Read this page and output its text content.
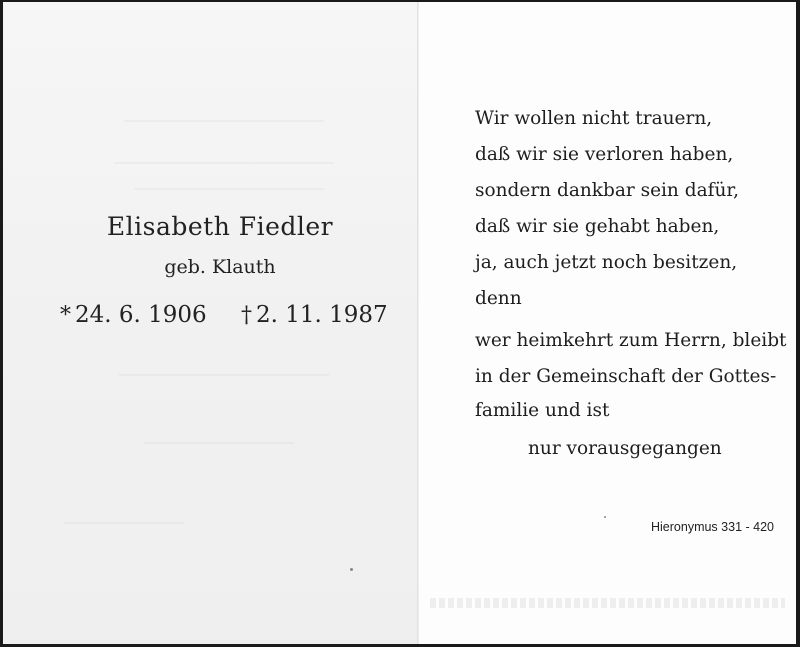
Elisabeth Fiedler
geb. Klauth
* 24. 6. 1906 † 2. 11. 1987
Wir wollen nicht trauern,
daß wir sie verloren haben,
sondern dankbar sein dafür,
daß wir sie gehabt haben,
ja, auch jetzt noch besitzen,
denn
wer heimkehrt zum Herrn, bleibt
in der Gemeinschaft der Gottes-
familie und ist
nur vorausgegangen
Hieronymus 331 - 420
